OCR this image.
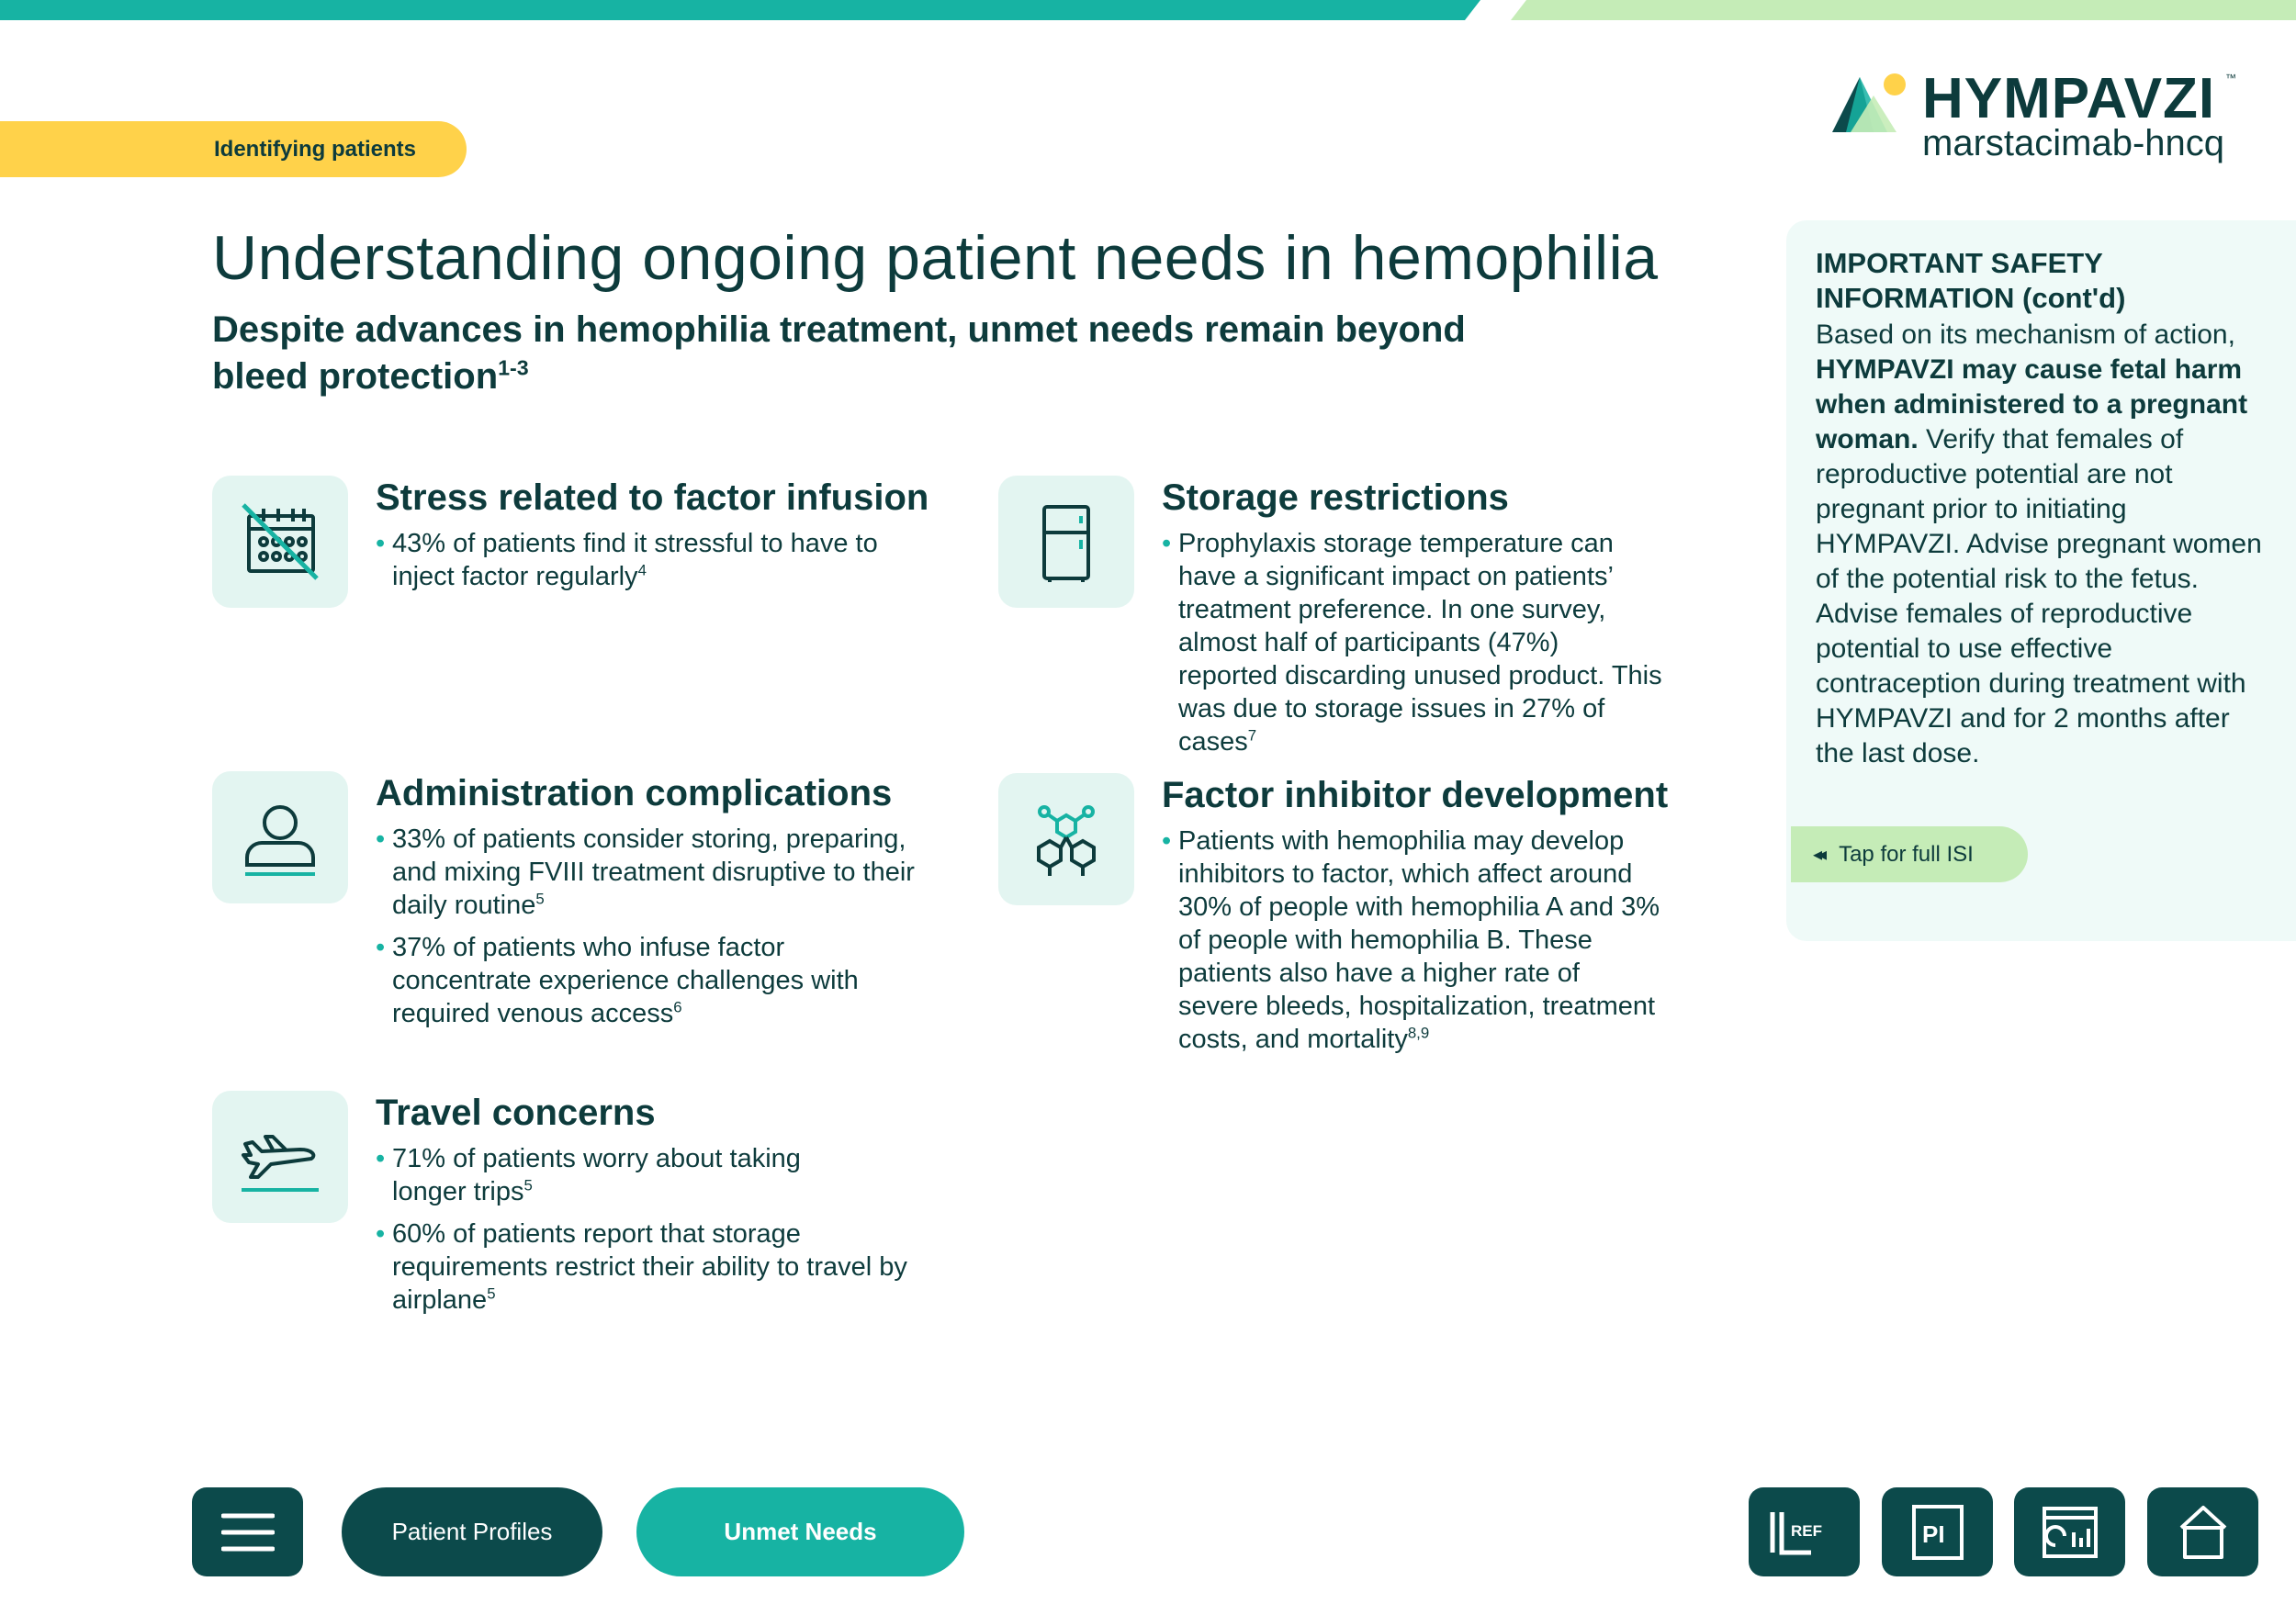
Identifying patients
HYMPAVZI ™
marstacimab-hncq
Understanding ongoing patient needs in hemophilia
Despite advances in hemophilia treatment, unmet needs remain beyond bleed protection$^{1-3}$
Stress related to factor infusion
• 43% of patients find it stressful to have to inject factor regularly$^4$
Storage restrictions
• Prophylaxis storage temperature can have a significant impact on patients’ treatment preference. In one survey, almost half of participants (47%) reported discarding unused product. This was due to storage issues in 27% of cases$^7$
Administration complications
• 33% of patients consider storing, preparing, and mixing FVIII treatment disruptive to their daily routine$^5$
• 37% of patients who infuse factor concentrate experience challenges with required venous access$^6$
Factor inhibitor development
• Patients with hemophilia may develop inhibitors to factor, which affect around 30% of people with hemophilia A and 3% of people with hemophilia B. These patients also have a higher rate of severe bleeds, hospitalization, treatment costs, and mortality$^{8,9}$
Travel concerns
• 71% of patients worry about taking longer trips$^5$
• 60% of patients report that storage requirements restrict their ability to travel by airplane$^5$
IMPORTANT SAFETY INFORMATION (cont'd)

Based on its mechanism of action, HYMPAVZI may cause fetal harm when administered to a pregnant woman. Verify that females of reproductive potential are not pregnant prior to initiating HYMPAVZI. Advise pregnant women of the potential risk to the fetus. Advise females of reproductive potential to use effective contraception during treatment with HYMPAVZI and for 2 months after the last dose.

◂◂ Tap for full ISI
Patient Profiles	Unmet Needs	REF	PI
